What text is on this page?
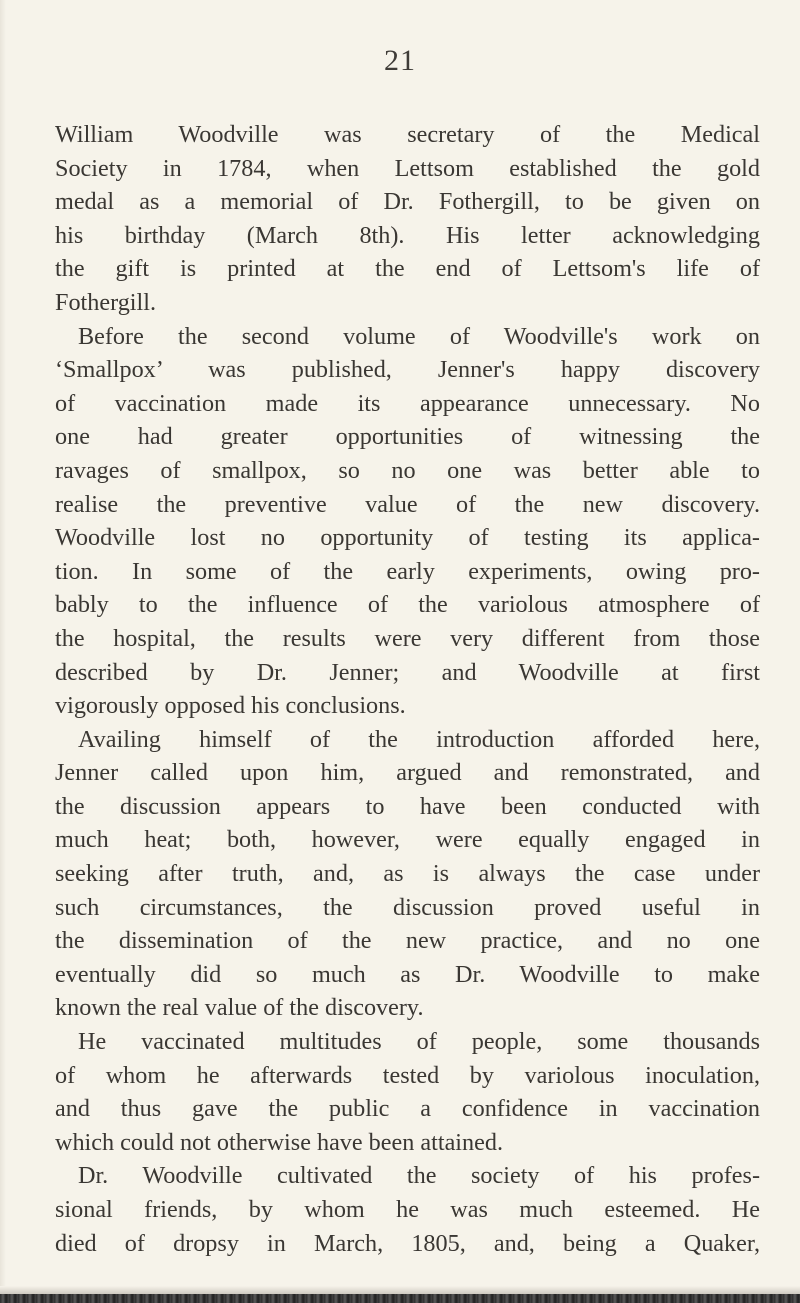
21
William Woodville was secretary of the Medical
Society in 1784, when Lettsom established the gold
medal as a memorial of Dr. Fothergill, to be given on
his birthday (March 8th). His letter acknowledging
the gift is printed at the end of Lettsom's life of
Fothergill.
Before the second volume of Woodville's work on
‘Smallpox’ was published, Jenner's happy discovery
of vaccination made its appearance unnecessary. No
one had greater opportunities of witnessing the
ravages of smallpox, so no one was better able to
realise the preventive value of the new discovery.
Woodville lost no opportunity of testing its applica-
tion. In some of the early experiments, owing pro-
bably to the influence of the variolous atmosphere of
the hospital, the results were very different from those
described by Dr. Jenner; and Woodville at first
vigorously opposed his conclusions.
Availing himself of the introduction afforded here,
Jenner called upon him, argued and remonstrated, and
the discussion appears to have been conducted with
much heat; both, however, were equally engaged in
seeking after truth, and, as is always the case under
such circumstances, the discussion proved useful in
the dissemination of the new practice, and no one
eventually did so much as Dr. Woodville to make
known the real value of the discovery.
He vaccinated multitudes of people, some thousands
of whom he afterwards tested by variolous inoculation,
and thus gave the public a confidence in vaccination
which could not otherwise have been attained.
Dr. Woodville cultivated the society of his profes-
sional friends, by whom he was much esteemed. He
died of dropsy in March, 1805, and, being a Quaker,
